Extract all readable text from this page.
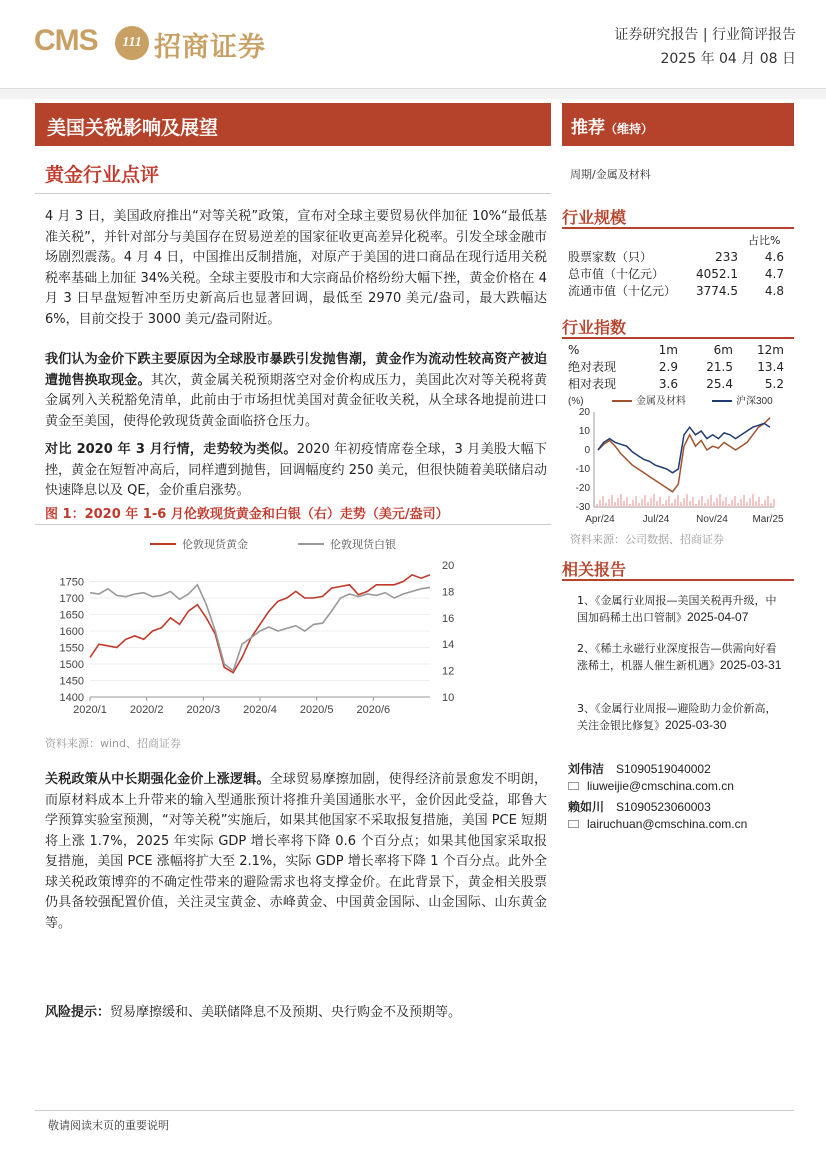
CMS	111 招商证券	证券研究报告 | 行业简评报告
2025 年 04 月 08 日
美国关税影响及展望
黄金行业点评
4 月 3 日，美国政府推出“对等关税”政策，宣布对全球主要贸易伙伴加征 10%“最低基准关税”，并针对部分与美国存在贸易逆差的国家征收更高差异化税率。引发全球金融市场剧烈震荡。4 月 4 日，中国推出反制措施，对原产于美国的进口商品在现行适用关税税率基础上加征 34%关税。全球主要股市和大宗商品价格纷纷大幅下挫，黄金价格在 4 月 3 日早盘短暂冲至历史新高后也显著回调，最低至 2970 美元/盎司，最大跌幅达 6%，目前交投于 3000 美元/盎司附近。
我们认为金价下跌主要原因为全球股市暴跌引发抛售潮，黄金作为流动性较高资产被迫遭抛售换取现金。其次，黄金属关税预期落空对金价构成压力，美国此次对等关税将黄金属列入关税豁免清单，此前由于市场担忧美国对黄金征收关税，从全球各地提前进口黄金至美国，使得伦敦现货黄金面临挤仓压力。
对比 2020 年 3 月行情，走势较为类似。2020 年初疫情席卷全球，3 月美股大幅下挫，黄金在短暂冲高后，同样遭到抛售，回调幅度约 250 美元，但很快随着美联储启动快速降息以及 QE，金价重启涨势。
图 1：2020 年 1-6 月伦敦现货黄金和白银（右）走势（美元/盎司）
1400
1450
1500
1550
1600
1650
1700
1750
10
12
14
16
18
20
2020/1 2020/2 2020/3 2020/4 2020/5 2020/6
伦敦现货黄金	伦敦现货白银
资料来源：wind、招商证券
关税政策从中长期强化金价上涨逻辑。全球贸易摩擦加剧，使得经济前景愈发不明朗，而原材料成本上升带来的输入型通胀预计将推升美国通胀水平，金价因此受益，耶鲁大学预算实验室预测，“对等关税”实施后，如果其他国家不采取报复措施，美国 PCE 短期将上涨 1.7%，2025 年实际 GDP 增长率将下降 0.6 个百分点；如果其他国家采取报复措施，美国 PCE 涨幅将扩大至 2.1%，实际 GDP 增长率将下降 1 个百分点。此外全球关税政策博弈的不确定性带来的避险需求也将支撑金价。在此背景下，黄金相关股票仍具备较强配置价值，关注灵宝黄金、赤峰黄金、中国黄金国际、山金国际、山东黄金等。
风险提示：贸易摩擦缓和、美联储降息不及预期、央行购金不及预期等。
推荐（维持）
周期/金属及材料
行业规模
占比%
股票家数（只）	233	4.6
总市值（十亿元）	4052.1	4.7
流通市值（十亿元）	3774.5	4.8
行业指数
%	1m	6m	12m
绝对表现	2.9	21.5	13.4
相对表现	3.6	25.4	5.2
(%)
-30
-20
-10
0
10
20
Apr/24	Jul/24	Nov/24 Mar/25
金属及材料	沪深300
资料来源：公司数据、招商证券
相关报告
1、《金属行业周报—美国关税再升级，中国加码稀土出口管制》2025-04-07
2、《稀土永磁行业深度报告—供需向好看涨稀土，机器人催生新机遇》2025-03-31
3、《金属行业周报—避险助力金价新高，关注金银比修复》2025-03-30
刘伟洁 S1090519040002
liuweijie@cmschina.com.cn
赖如川 S1090523060003
lairuchuan@cmschina.com.cn
敬请阅读末页的重要说明
